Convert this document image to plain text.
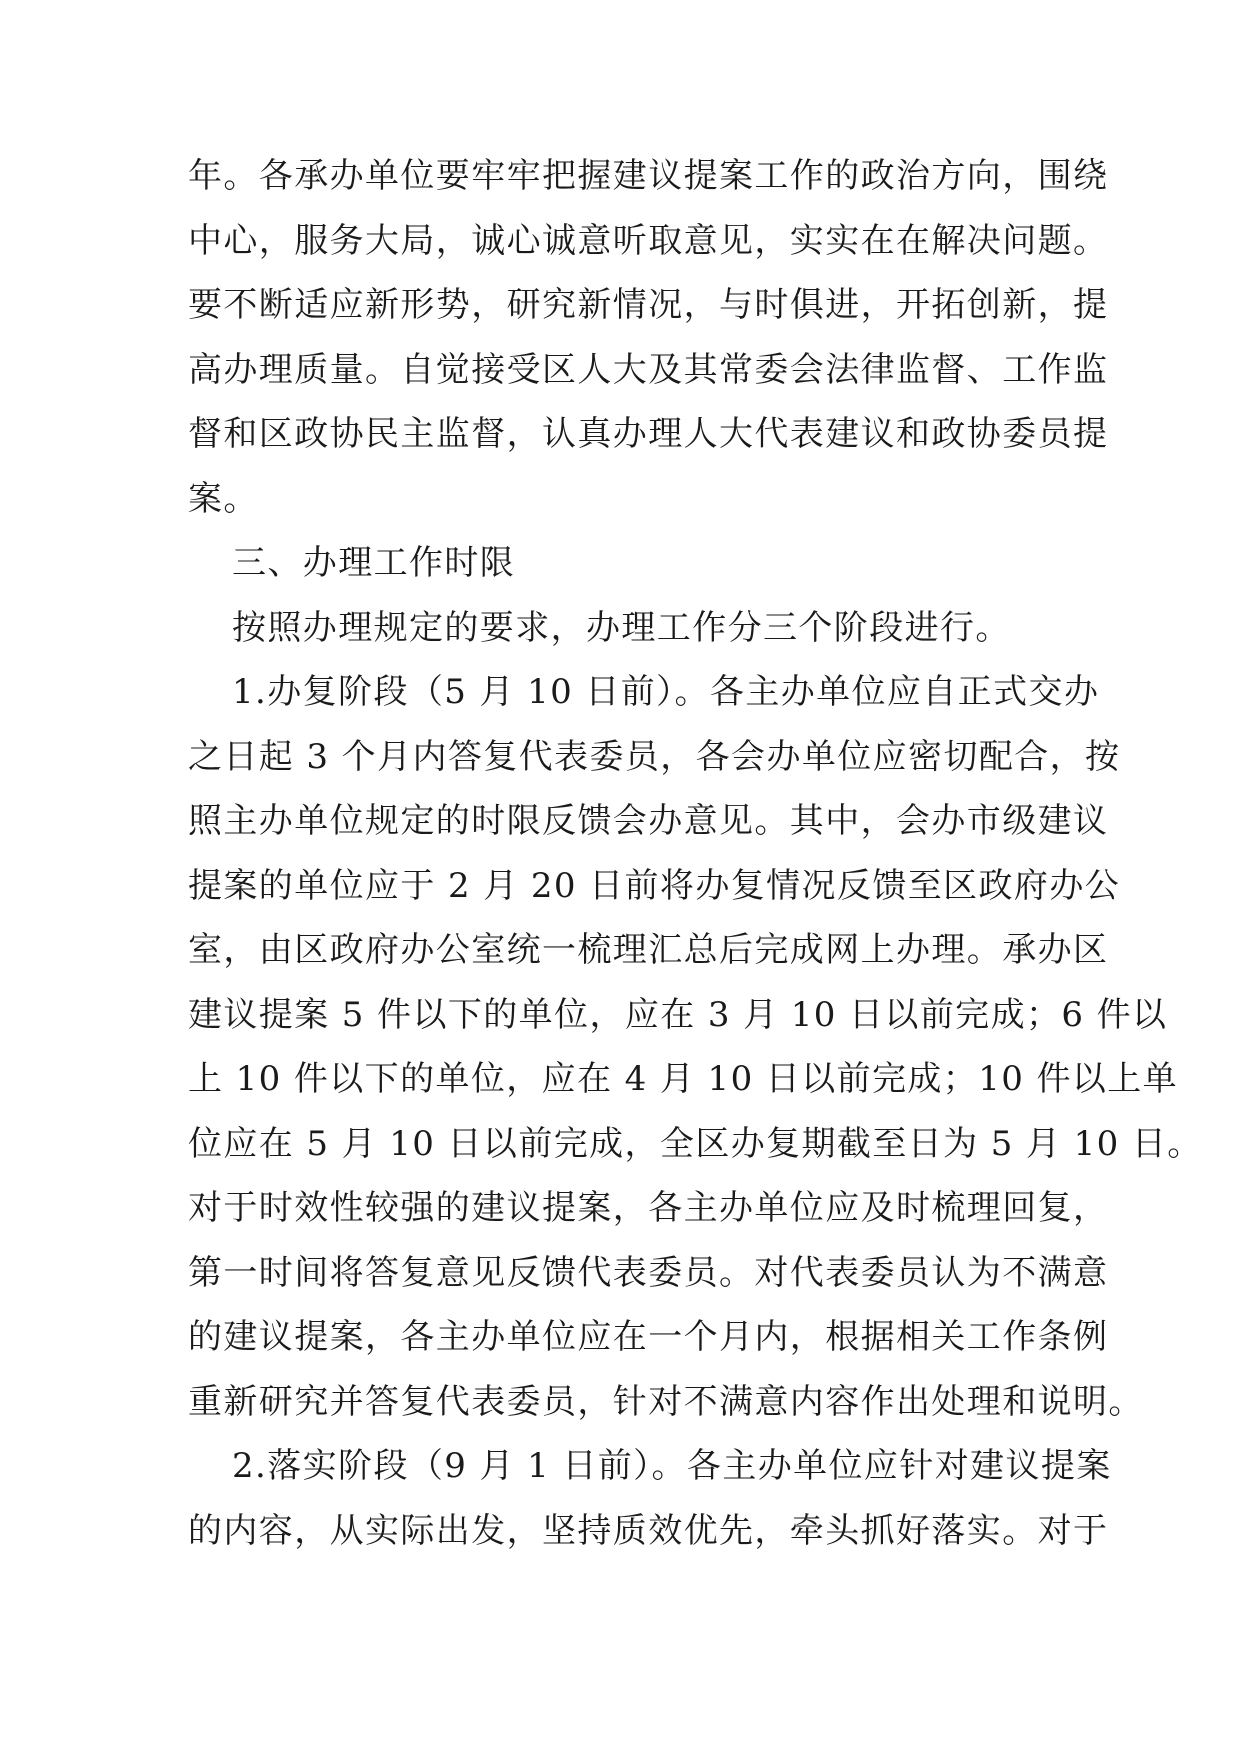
年。各承办单位要牢牢把握建议提案工作的政治方向，围绕
中心，服务大局，诚心诚意听取意见，实实在在解决问题。
要不断适应新形势，研究新情况，与时俱进，开拓创新，提
高办理质量。自觉接受区人大及其常委会法律监督、工作监
督和区政协民主监督，认真办理人大代表建议和政协委员提
案。
三、办理工作时限
按照办理规定的要求，办理工作分三个阶段进行。
1.办复阶段（5 月 10 日前）。各主办单位应自正式交办
之日起 3 个月内答复代表委员，各会办单位应密切配合，按
照主办单位规定的时限反馈会办意见。其中，会办市级建议
提案的单位应于 2 月 20 日前将办复情况反馈至区政府办公
室，由区政府办公室统一梳理汇总后完成网上办理。承办区
建议提案 5 件以下的单位，应在 3 月 10 日以前完成；6 件以
上 10 件以下的单位，应在 4 月 10 日以前完成；10 件以上单
位应在 5 月 10 日以前完成，全区办复期截至日为 5 月 10 日。
对于时效性较强的建议提案，各主办单位应及时梳理回复，
第一时间将答复意见反馈代表委员。对代表委员认为不满意
的建议提案，各主办单位应在一个月内，根据相关工作条例
重新研究并答复代表委员，针对不满意内容作出处理和说明。
2.落实阶段（9 月 1 日前）。各主办单位应针对建议提案
的内容，从实际出发，坚持质效优先，牵头抓好落实。对于
